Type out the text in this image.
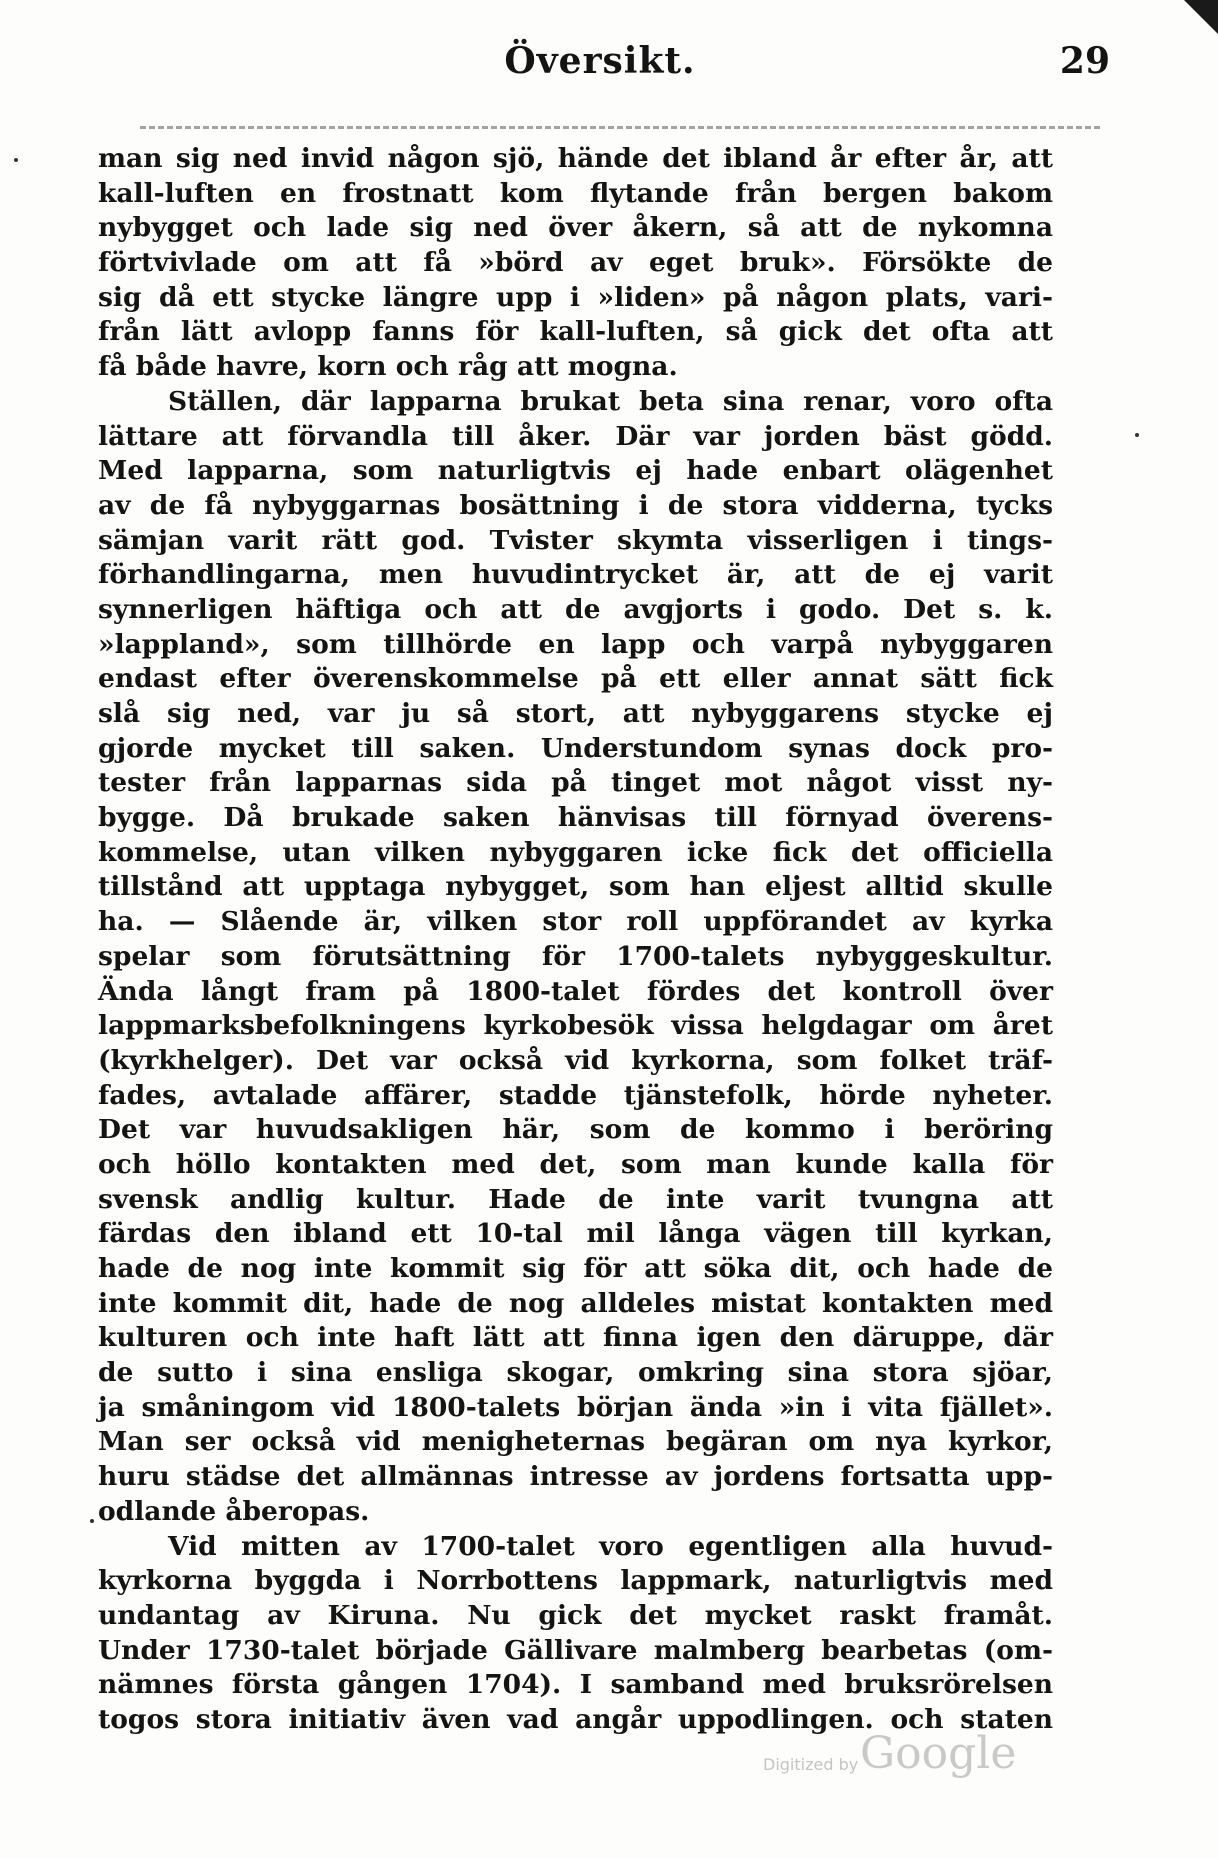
Översikt.	29
man sig ned invid någon sjö, hände det ibland år efter år, att
kall-luften en frostnatt kom flytande från bergen bakom
nybygget och lade sig ned över åkern, så att de nykomna
förtvivlade om att få »börd av eget bruk». Försökte de
sig då ett stycke längre upp i »liden» på någon plats, vari-
från lätt avlopp fanns för kall-luften, så gick det ofta att
få både havre, korn och råg att mogna.
Ställen, där lapparna brukat beta sina renar, voro ofta
lättare att förvandla till åker. Där var jorden bäst gödd.
Med lapparna, som naturligtvis ej hade enbart olägenhet
av de få nybyggarnas bosättning i de stora vidderna, tycks
sämjan varit rätt god. Tvister skymta visserligen i tings-
förhandlingarna, men huvudintrycket är, att de ej varit
synnerligen häftiga och att de avgjorts i godo. Det s. k.
»lappland», som tillhörde en lapp och varpå nybyggaren
endast efter överenskommelse på ett eller annat sätt fick
slå sig ned, var ju så stort, att nybyggarens stycke ej
gjorde mycket till saken. Understundom synas dock pro-
tester från lapparnas sida på tinget mot något visst ny-
bygge. Då brukade saken hänvisas till förnyad överens-
kommelse, utan vilken nybyggaren icke fick det officiella
tillstånd att upptaga nybygget, som han eljest alltid skulle
ha. — Slående är, vilken stor roll uppförandet av kyrka
spelar som förutsättning för 1700-talets nybyggeskultur.
Ända långt fram på 1800-talet fördes det kontroll över
lappmarksbefolkningens kyrkobesök vissa helgdagar om året
(kyrkhelger). Det var också vid kyrkorna, som folket träf-
fades, avtalade affärer, stadde tjänstefolk, hörde nyheter.
Det var huvudsakligen här, som de kommo i beröring
och höllo kontakten med det, som man kunde kalla för
svensk andlig kultur. Hade de inte varit tvungna att
färdas den ibland ett 10-tal mil långa vägen till kyrkan,
hade de nog inte kommit sig för att söka dit, och hade de
inte kommit dit, hade de nog alldeles mistat kontakten med
kulturen och inte haft lätt att finna igen den däruppe, där
de sutto i sina ensliga skogar, omkring sina stora sjöar,
ja småningom vid 1800-talets början ända »in i vita fjället».
Man ser också vid menigheternas begäran om nya kyrkor,
huru städse det allmännas intresse av jordens fortsatta upp-
odlande åberopas.
Vid mitten av 1700-talet voro egentligen alla huvud-
kyrkorna byggda i Norrbottens lappmark, naturligtvis med
undantag av Kiruna. Nu gick det mycket raskt framåt.
Under 1730-talet började Gällivare malmberg bearbetas (om-
nämnes första gången 1704). I samband med bruksrörelsen
togos stora initiativ även vad angår uppodlingen. och staten
Digitized by Google
